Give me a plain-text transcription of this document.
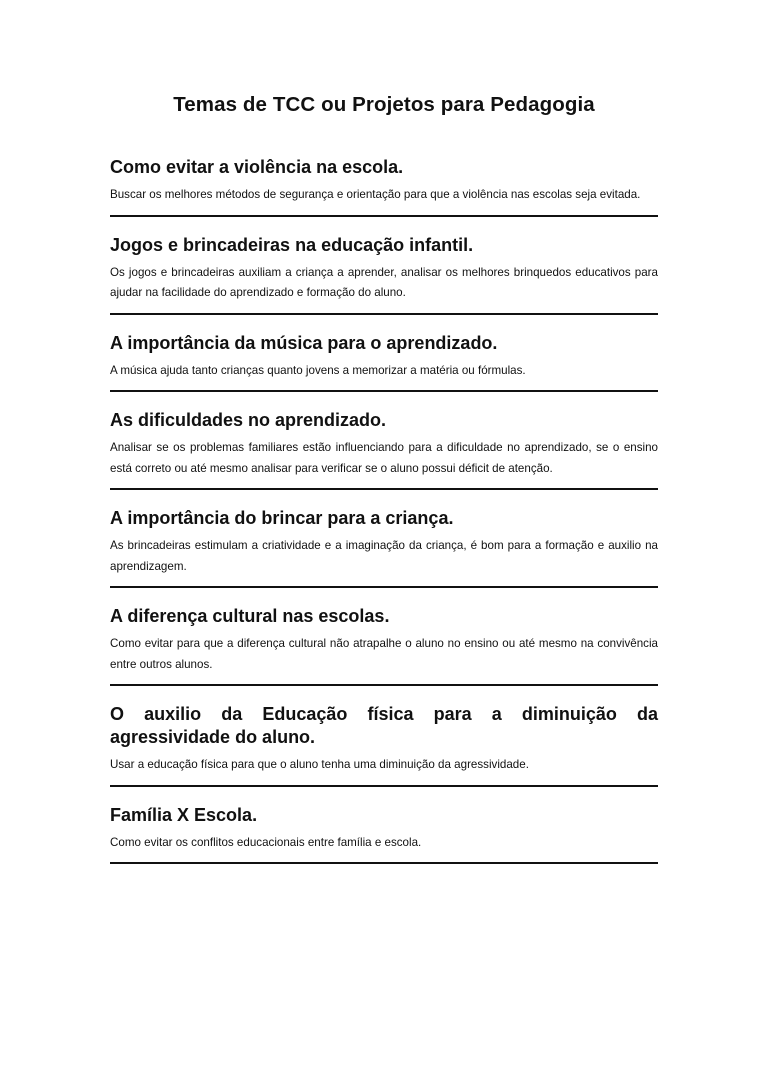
Temas de TCC ou Projetos para Pedagogia
Como evitar a violência na escola.

Buscar os melhores métodos de segurança e orientação para que a violência nas escolas seja evitada.

Jogos e brincadeiras na educação infantil.

Os jogos e brincadeiras auxiliam a criança a aprender, analisar os melhores brinquedos educativos para ajudar na facilidade do aprendizado e formação do aluno.

A importância da música para o aprendizado.

A música ajuda tanto crianças quanto jovens a memorizar a matéria ou fórmulas.

As dificuldades no aprendizado.

Analisar se os problemas familiares estão influenciando para a dificuldade no aprendizado, se o ensino está correto ou até mesmo analisar para verificar se o aluno possui déficit de atenção.

A importância do brincar para a criança.

As brincadeiras estimulam a criatividade e a imaginação da criança, é bom para a formação e auxilio na aprendizagem.

A diferença cultural nas escolas.

Como evitar para que a diferença cultural não atrapalhe o aluno no ensino ou até mesmo na convivência entre outros alunos.

O auxilio da Educação física para a diminuição da agressividade do aluno.

Usar a educação física para que o aluno tenha uma diminuição da agressividade.

Família X Escola.

Como evitar os conflitos educacionais entre família e escola.
